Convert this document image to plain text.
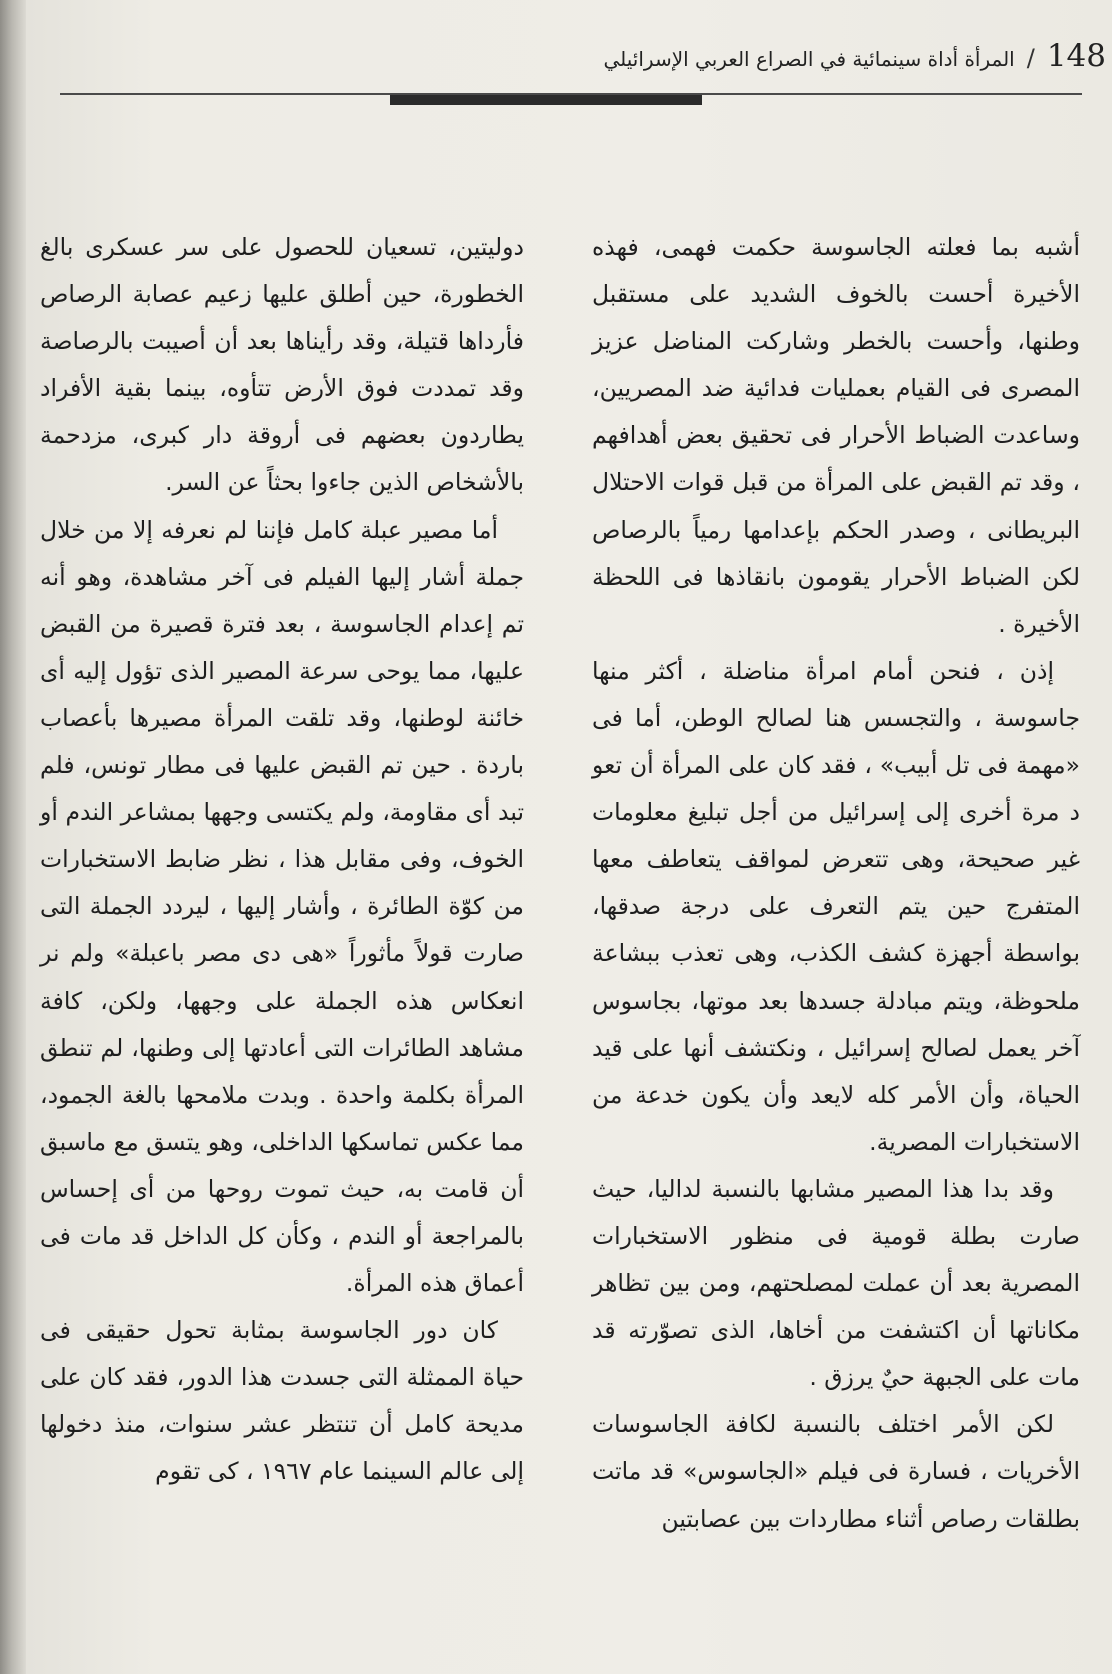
148
/
المرأة أداة سينمائية في الصراع العربي الإسرائيلي

أشبه بما فعلته الجاسوسة حكمت فهمى، فهذه الأخيرة أحست بالخوف الشديد على مستقبل وطنها، وأحست بالخطر وشاركت المناضل عزيز المصرى فى القيام بعمليات فدائية ضد المصريين، وساعدت الضباط الأحرار فى تحقيق بعض أهدافهم ، وقد تم القبض على المرأة من قبل قوات الاحتلال البريطانى ، وصدر الحكم بإعدامها رمياً بالرصاص لكن الضباط الأحرار يقومون بانقاذها فى اللحظة الأخيرة .

إذن ، فنحن أمام امرأة مناضلة ، أكثر منها جاسوسة ، والتجسس هنا لصالح الوطن، أما فى «مهمة فى تل أبيب» ، فقد كان على المرأة أن تعو د مرة أخرى إلى إسرائيل من أجل تبليغ معلومات غير صحيحة، وهى تتعرض لمواقف يتعاطف معها المتفرج حين يتم التعرف على درجة صدقها، بواسطة أجهزة كشف الكذب، وهى تعذب ببشاعة ملحوظة، ويتم مبادلة جسدها بعد موتها، بجاسوس آخر يعمل لصالح إسرائيل ، ونكتشف أنها على قيد الحياة، وأن الأمر كله لايعد وأن يكون خدعة من الاستخبارات المصرية.

وقد بدا هذا المصير مشابها بالنسبة لداليا، حيث صارت بطلة قومية فى منظور الاستخبارات المصرية بعد أن عملت لمصلحتهم، ومن بين تظاهر مكاناتها أن اكتشفت من أخاها، الذى تصوّرته قد مات على الجبهة حيٌ يرزق .

لكن الأمر اختلف بالنسبة لكافة الجاسوسات الأخريات ، فسارة فى فيلم «الجاسوس» قد ماتت بطلقات رصاص أثناء مطاردات بين عصابتين

دوليتين، تسعيان للحصول على سر عسكرى بالغ الخطورة، حين أطلق عليها زعيم عصابة الرصاص فأرداها قتيلة، وقد رأيناها بعد أن أصيبت بالرصاصة وقد تمددت فوق الأرض تتأوه، بينما بقية الأفراد يطاردون بعضهم فى أروقة دار كبرى، مزدحمة بالأشخاص الذين جاءوا بحثاً عن السر.

أما مصير عبلة كامل فإننا لم نعرفه إلا من خلال جملة أشار إليها الفيلم فى آخر مشاهدة، وهو أنه تم إعدام الجاسوسة ، بعد فترة قصيرة من القبض عليها، مما يوحى سرعة المصير الذى تؤول إليه أى خائنة لوطنها، وقد تلقت المرأة مصيرها بأعصاب باردة . حين تم القبض عليها فى مطار تونس، فلم تبد أى مقاومة، ولم يكتسى وجهها بمشاعر الندم أو الخوف، وفى مقابل هذا ، نظر ضابط الاستخبارات من كوّة الطائرة ، وأشار إليها ، ليردد الجملة التى صارت قولاً مأثوراً «هى دى مصر باعبلة» ولم نر انعكاس هذه الجملة على وجهها، ولكن، كافة مشاهد الطائرات التى أعادتها إلى وطنها، لم تنطق المرأة بكلمة واحدة . وبدت ملامحها بالغة الجمود، مما عكس تماسكها الداخلى، وهو يتسق مع ماسبق أن قامت به، حيث تموت روحها من أى إحساس بالمراجعة أو الندم ، وكأن كل الداخل قد مات فى أعماق هذه المرأة.

كان دور الجاسوسة بمثابة تحول حقيقى فى حياة الممثلة التى جسدت هذا الدور، فقد كان على مديحة كامل أن تنتظر عشر سنوات، منذ دخولها إلى عالم السينما عام ١٩٦٧ ، كى تقوم
